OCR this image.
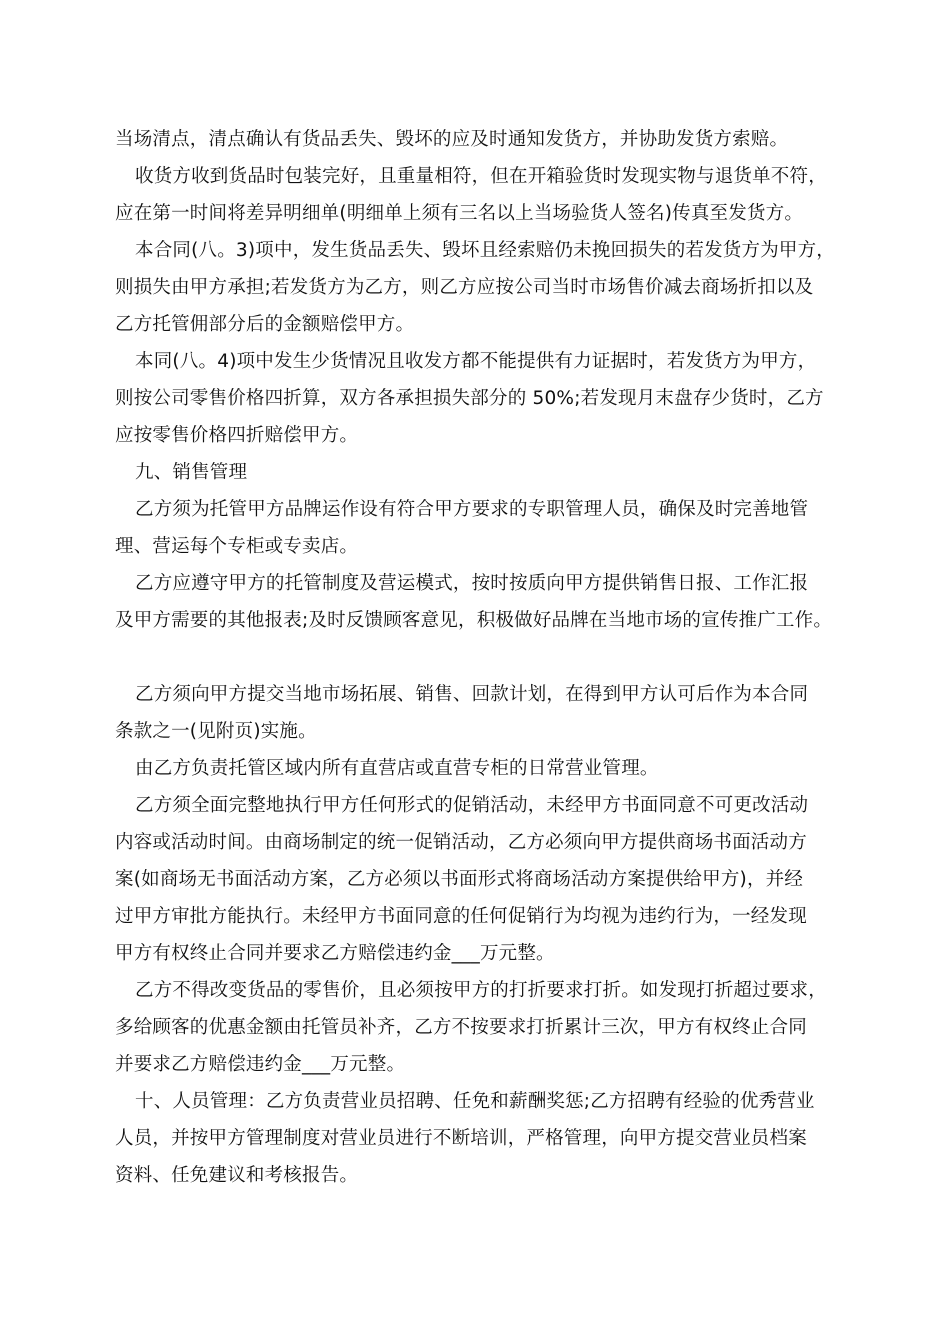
当场清点，清点确认有货品丢失、毁坏的应及时通知发货方，并协助发货方索赔。
收货方收到货品时包装完好，且重量相符，但在开箱验货时发现实物与退货单不符，
应在第一时间将差异明细单(明细单上须有三名以上当场验货人签名)传真至发货方。
本合同(八。3)项中，发生货品丢失、毁坏且经索赔仍未挽回损失的若发货方为甲方，
则损失由甲方承担;若发货方为乙方，则乙方应按公司当时市场售价减去商场折扣以及
乙方托管佣部分后的金额赔偿甲方。
本同(八。4)项中发生少货情况且收发方都不能提供有力证据时，若发货方为甲方，
则按公司零售价格四折算，双方各承担损失部分的 50%;若发现月末盘存少货时，乙方
应按零售价格四折赔偿甲方。
九、销售管理
乙方须为托管甲方品牌运作设有符合甲方要求的专职管理人员，确保及时完善地管
理、营运每个专柜或专卖店。
乙方应遵守甲方的托管制度及营运模式，按时按质向甲方提供销售日报、工作汇报
及甲方需要的其他报表;及时反馈顾客意见，积极做好品牌在当地市场的宣传推广工作。
乙方须向甲方提交当地市场拓展、销售、回款计划，在得到甲方认可后作为本合同
条款之一(见附页)实施。
由乙方负责托管区域内所有直营店或直营专柜的日常营业管理。
乙方须全面完整地执行甲方任何形式的促销活动，未经甲方书面同意不可更改活动
内容或活动时间。由商场制定的统一促销活动，乙方必须向甲方提供商场书面活动方
案(如商场无书面活动方案，乙方必须以书面形式将商场活动方案提供给甲方)，并经
过甲方审批方能执行。未经甲方书面同意的任何促销行为均视为违约行为，一经发现
甲方有权终止合同并要求乙方赔偿违约金___万元整。
乙方不得改变货品的零售价，且必须按甲方的打折要求打折。如发现打折超过要求，
多给顾客的优惠金额由托管员补齐，乙方不按要求打折累计三次，甲方有权终止合同
并要求乙方赔偿违约金___万元整。
十、人员管理：乙方负责营业员招聘、任免和薪酬奖惩;乙方招聘有经验的优秀营业
人员，并按甲方管理制度对营业员进行不断培训，严格管理，向甲方提交营业员档案
资料、任免建议和考核报告。
